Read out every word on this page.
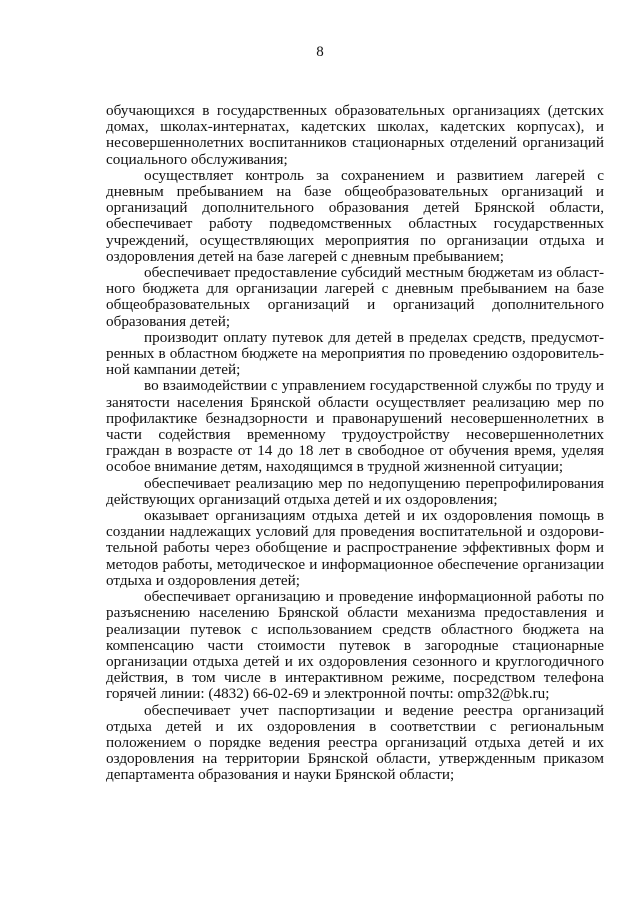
8

обучающихся в государственных образовательных организациях (детских домах, школах-интернатах, кадетских школах, кадетских корпусах), и несовершеннолетних воспитанников стационарных отделений организаций социального обслуживания;

осуществляет контроль за сохранением и развитием лагерей с дневным пребыванием на базе общеобразовательных организаций и организаций дополнительного образования детей Брянской области, обеспечивает работу подведомственных областных государственных учреждений, осуществляющих мероприятия по организации отдыха и оздоровления детей на базе лагерей с дневным пребыванием;

обеспечивает предоставление субсидий местным бюджетам из областного бюджета для организации лагерей с дневным пребыванием на базе общеобразовательных организаций и организаций дополнительного образования детей;

производит оплату путевок для детей в пределах средств, предусмотренных в областном бюджете на мероприятия по проведению оздоровительной кампании детей;

во взаимодействии с управлением государственной службы по труду и занятости населения Брянской области осуществляет реализацию мер по профилактике безнадзорности и правонарушений несовершеннолетних в части содействия временному трудоустройству несовершеннолетних граждан в возрасте от 14 до 18 лет в свободное от обучения время, уделяя особое внимание детям, находящимся в трудной жизненной ситуации;

обеспечивает реализацию мер по недопущению перепрофилирования действующих организаций отдыха детей и их оздоровления;

оказывает организациям отдыха детей и их оздоровления помощь в создании надлежащих условий для проведения воспитательной и оздоровительной работы через обобщение и распространение эффективных форм и методов работы, методическое и информационное обеспечение организации отдыха и оздоровления детей;

обеспечивает организацию и проведение информационной работы по разъяснению населению Брянской области механизма предоставления и реализации путевок с использованием средств областного бюджета на компенсацию части стоимости путевок в загородные стационарные организации отдыха детей и их оздоровления сезонного и круглогодичного действия, в том числе в интерактивном режиме, посредством телефона горячей линии: (4832) 66-02-69 и электронной почты: omp32@bk.ru;

обеспечивает учет паспортизации и ведение реестра организаций отдыха детей и их оздоровления в соответствии с региональным положением о порядке ведения реестра организаций отдыха детей и их оздоровления на территории Брянской области, утвержденным приказом департамента образования и науки Брянской области;
